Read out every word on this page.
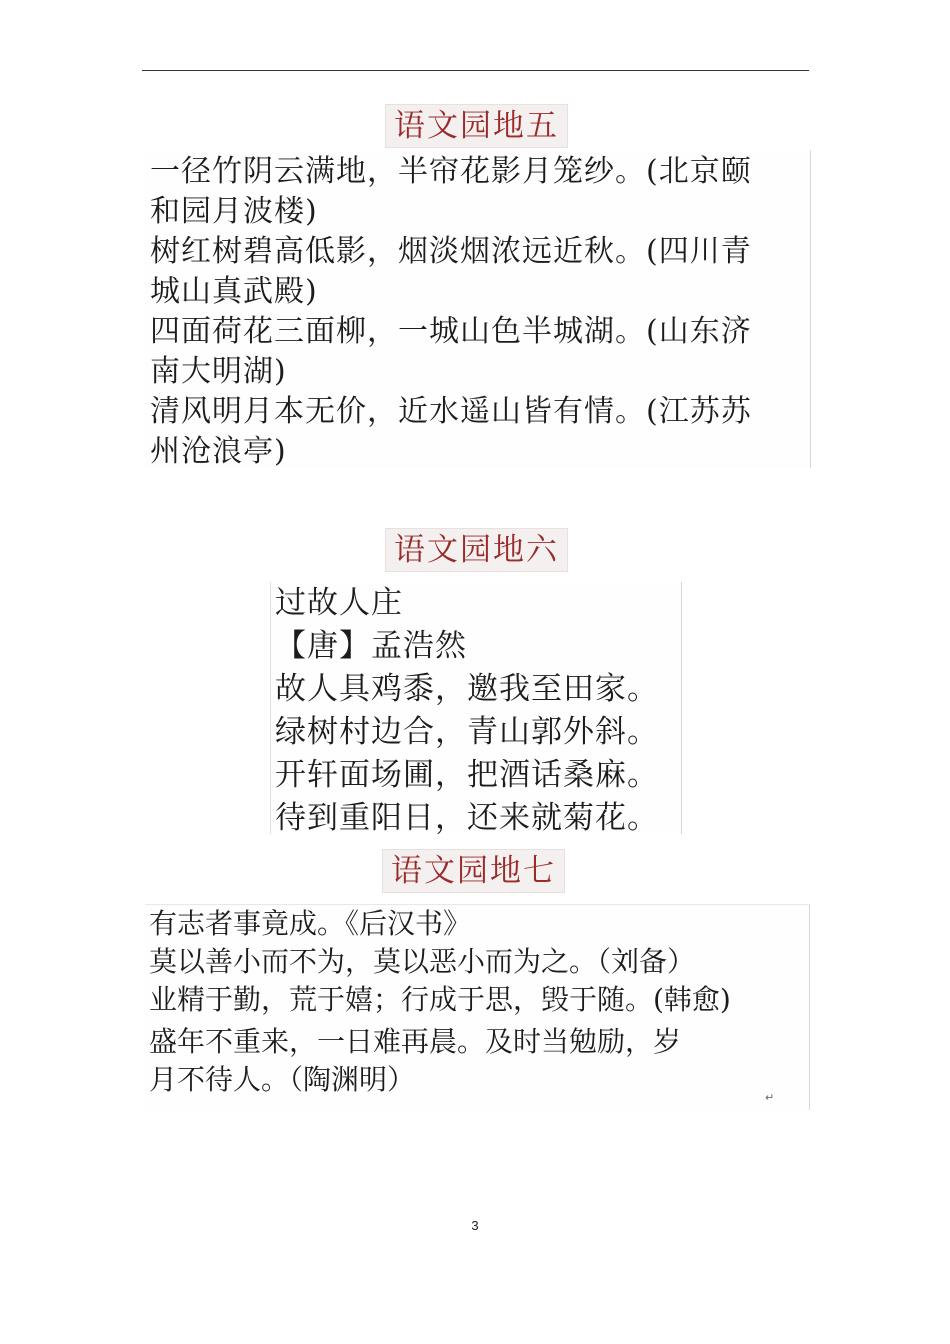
语文园地五
一径竹阴云满地，半帘花影月笼纱。(北京颐
和园月波楼)
树红树碧高低影，烟淡烟浓远近秋。(四川青
城山真武殿)
四面荷花三面柳，一城山色半城湖。(山东济
南大明湖)
清风明月本无价，近水遥山皆有情。(江苏苏
州沧浪亭)
语文园地六
过故人庄
【唐】孟浩然
故人具鸡黍，邀我至田家。
绿树村边合，青山郭外斜。
开轩面场圃，把酒话桑麻。
待到重阳日，还来就菊花。
语文园地七
有志者事竟成。《后汉书》
莫以善小而不为，莫以恶小而为之。（刘备）
业精于勤，荒于嬉；行成于思，毁于随。(韩愈)
盛年不重来，一日难再晨。及时当勉励，岁
月不待人。（陶渊明）
↵
3
